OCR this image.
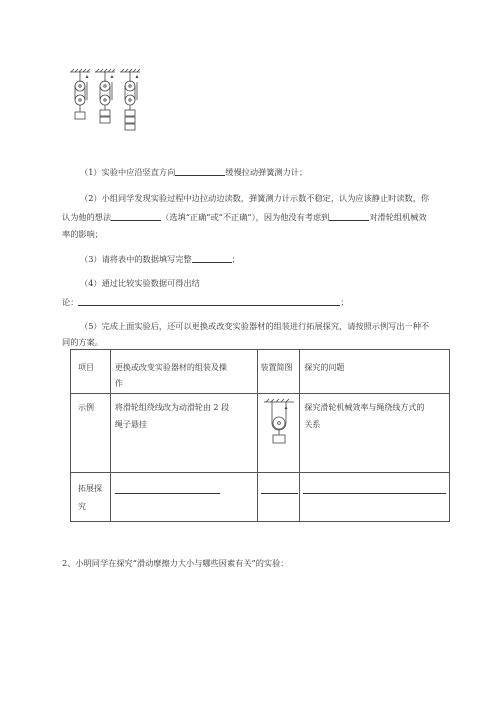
（1）实验中应沿竖直方向	缓慢拉动弹簧测力计；
（2）小组同学发现实验过程中边拉动边读数，弹簧测力计示数不稳定，认为应该静止时读数，你
认为他的想法	（选填“正确”或“不正确”），因为他没有考虑到	对滑轮组机械效
率的影响；
（3）请将表中的数据填写完整	；
（4）通过比较实验数据可得出结
论：	；
（5）完成上面实验后，还可以更换或改变实验器材的组装进行拓展探究，请按照示例写出一种不
同的方案。
项目	更换或改变实验器材的组装及操
作	装置简图	探究的问题

示例	将滑轮组绕线改为动滑轮由 2 段
绳子悬挂		探究滑轮机械效率与绳绕线方式的
关系

拓展探
究			

2、小明同学在探究“滑动摩擦力大小与哪些因素有关”的实验：
